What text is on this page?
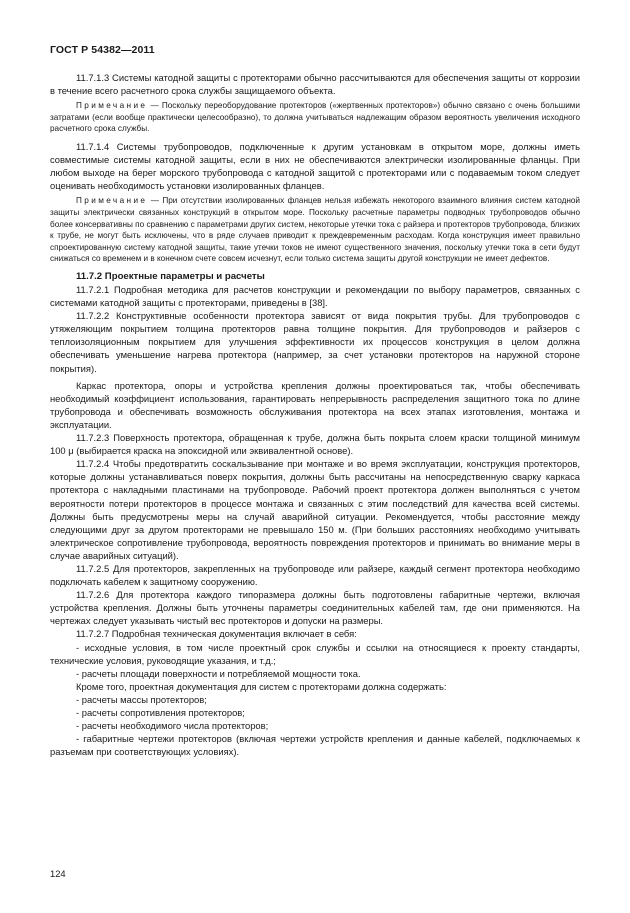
ГОСТ Р 54382—2011

11.7.1.3 Системы катодной защиты с протекторами обычно рассчитываются для обеспечения защиты от коррозии в течение всего расчетного срока службы защищаемого объекта.

Примечание — Поскольку переоборудование протекторов («жертвенных протекторов») обычно связано с очень большими затратами (если вообще практически целесообразно), то должна учитываться надлежащим образом вероятность увеличения исходного расчетного срока службы.

11.7.1.4 Системы трубопроводов, подключенные к другим установкам в открытом море, должны иметь совместимые системы катодной защиты, если в них не обеспечиваются электрически изолированные фланцы. При любом выходе на берег морского трубопровода с катодной защитой с протекторами или с подаваемым током следует оценивать необходимость установки изолированных фланцев.

Примечание — При отсутствии изолированных фланцев нельзя избежать некоторого взаимного влияния систем катодной защиты электрически связанных конструкций в открытом море. Поскольку расчетные параметры подводных трубопроводов обычно более консервативны по сравнению с параметрами других систем, некоторые утечки тока с райзера и протекторов трубопровода, близких к трубе, не могут быть исключены, что в ряде случаев приводит к преждевременным расходам. Когда конструкция имеет правильно спроектированную систему катодной защиты, такие утечки токов не имеют существенного значения, поскольку утечки тока в сети будут снижаться со временем и в конечном счете совсем исчезнут, если только система защиты другой конструкции не имеет дефектов.

11.7.2 Проектные параметры и расчеты

11.7.2.1 Подробная методика для расчетов конструкции и рекомендации по выбору параметров, связанных с системами катодной защиты с протекторами, приведены в [38].

11.7.2.2 Конструктивные особенности протектора зависят от вида покрытия трубы. Для трубопроводов с утяжеляющим покрытием толщина протекторов равна толщине покрытия. Для трубопроводов и райзеров с теплоизоляционным покрытием для улучшения эффективности их процессов конструкция в целом должна обеспечивать уменьшение нагрева протектора (например, за счет установки протекторов на наружной стороне покрытия).

Каркас протектора, опоры и устройства крепления должны проектироваться так, чтобы обеспечивать необходимый коэффициент использования, гарантировать непрерывность распределения защитного тока по длине трубопровода и обеспечивать возможность обслуживания протектора на всех этапах изготовления, монтажа и эксплуатации.

11.7.2.3 Поверхность протектора, обращенная к трубе, должна быть покрыта слоем краски толщиной минимум 100 μ (выбирается краска на эпоксидной или эквивалентной основе).

11.7.2.4 Чтобы предотвратить соскальзывание при монтаже и во время эксплуатации, конструкция протекторов, которые должны устанавливаться поверх покрытия, должны быть рассчитаны на непосредственную сварку каркаса протектора с накладными пластинами на трубопроводе. Рабочий проект протектора должен выполняться с учетом вероятности потери протекторов в процессе монтажа и связанных с этим последствий для качества всей системы. Должны быть предусмотрены меры на случай аварийной ситуации. Рекомендуется, чтобы расстояние между следующими друг за другом протекторами не превышало 150 м. (При больших расстояниях необходимо учитывать электрическое сопротивление трубопровода, вероятность повреждения протекторов и принимать во внимание меры в случае аварийных ситуаций).

11.7.2.5 Для протекторов, закрепленных на трубопроводе или райзере, каждый сегмент протектора необходимо подключать кабелем к защитному сооружению.

11.7.2.6 Для протектора каждого типоразмера должны быть подготовлены габаритные чертежи, включая устройства крепления. Должны быть уточнены параметры соединительных кабелей там, где они применяются. На чертежах следует указывать чистый вес протекторов и допуски на размеры.

11.7.2.7 Подробная техническая документация включает в себя:

- исходные условия, в том числе проектный срок службы и ссылки на относящиеся к проекту стандарты, технические условия, руководящие указания, и т.д.;

- расчеты площади поверхности и потребляемой мощности тока.

Кроме того, проектная документация для систем с протекторами должна содержать:

- расчеты массы протекторов;

- расчеты сопротивления протекторов;

- расчеты необходимого числа протекторов;

- габаритные чертежи протекторов (включая чертежи устройств крепления и данные кабелей, подключаемых к разъемам при соответствующих условиях).

124
